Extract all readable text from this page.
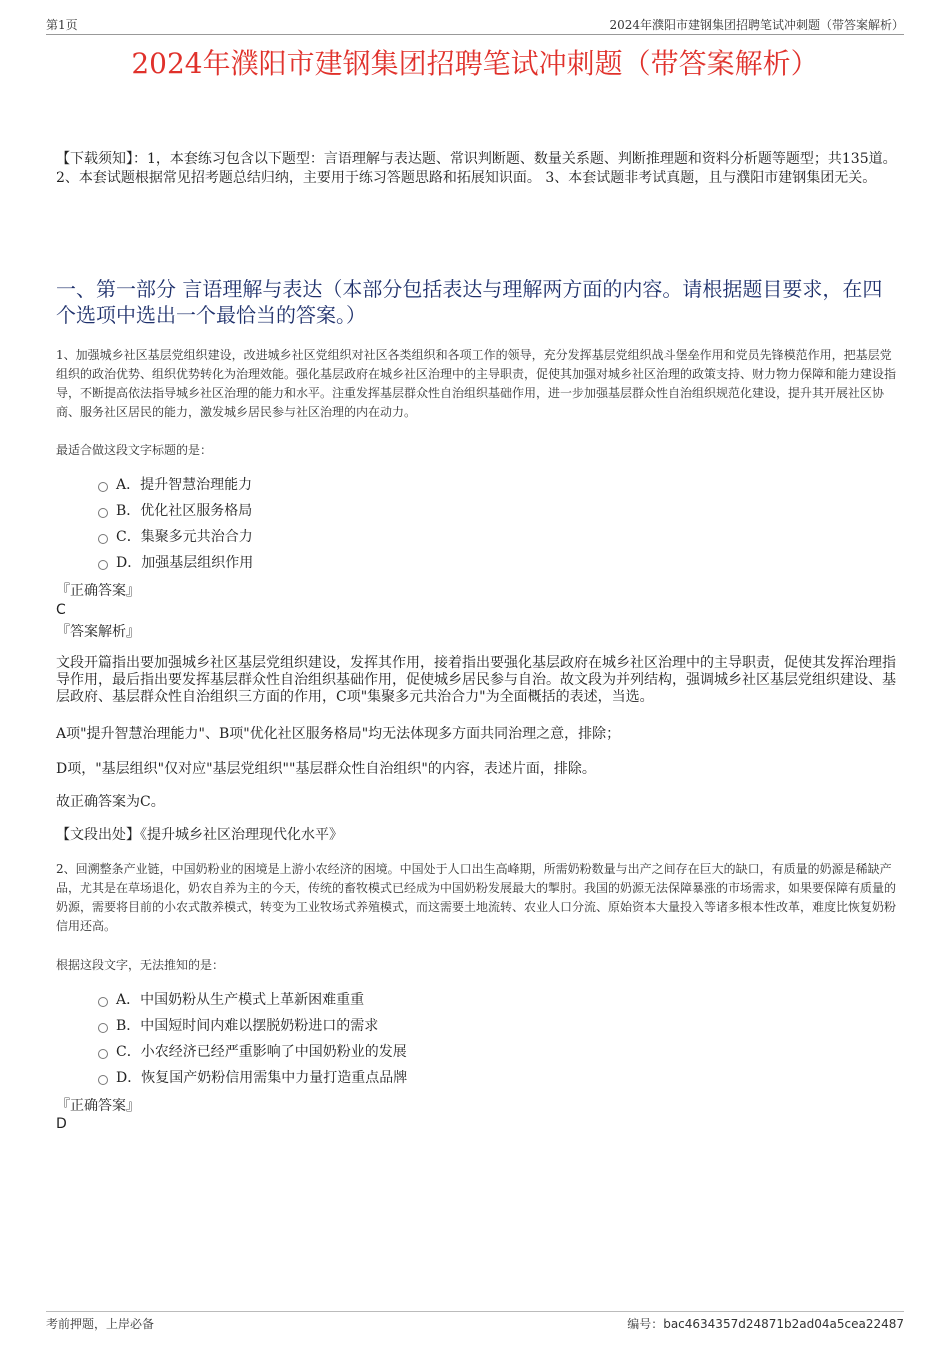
第1页	2024年濮阳市建钢集团招聘笔试冲刺题（带答案解析）
2024年濮阳市建钢集团招聘笔试冲刺题（带答案解析）
【下载须知】：1，本套练习包含以下题型：言语理解与表达题、常识判断题、数量关系题、判断推理题和资料分析题等题型；共135道。 2、本套试题根据常见招考题总结归纳，主要用于练习答题思路和拓展知识面。 3、本套试题非考试真题，且与濮阳市建钢集团无关。
一、第一部分 言语理解与表达（本部分包括表达与理解两方面的内容。请根据题目要求，在四个选项中选出一个最恰当的答案。）
1、加强城乡社区基层党组织建设，改进城乡社区党组织对社区各类组织和各项工作的领导，充分发挥基层党组织战斗堡垒作用和党员先锋模范作用，把基层党组织的政治优势、组织优势转化为治理效能。强化基层政府在城乡社区治理中的主导职责，促使其加强对城乡社区治理的政策支持、财力物力保障和能力建设指导，不断提高依法指导城乡社区治理的能力和水平。注重发挥基层群众性自治组织基础作用，进一步加强基层群众性自治组织规范化建设，提升其开展社区协商、服务社区居民的能力，激发城乡居民参与社区治理的内在动力。
最适合做这段文字标题的是：
A．提升智慧治理能力
B．优化社区服务格局
C．集聚多元共治合力
D．加强基层组织作用
『正确答案』
C
『答案解析』
文段开篇指出要加强城乡社区基层党组织建设，发挥其作用，接着指出要强化基层政府在城乡社区治理中的主导职责，促使其发挥治理指导作用，最后指出要发挥基层群众性自治组织基础作用，促使城乡居民参与自治。故文段为并列结构，强调城乡社区基层党组织建设、基层政府、基层群众性自治组织三方面的作用，C项"集聚多元共治合力"为全面概括的表述，当选。
A项"提升智慧治理能力"、B项"优化社区服务格局"均无法体现多方面共同治理之意，排除；
D项，"基层组织"仅对应"基层党组织""基层群众性自治组织"的内容，表述片面，排除。
故正确答案为C。
【文段出处】《提升城乡社区治理现代化水平》
2、回溯整条产业链，中国奶粉业的困境是上游小农经济的困境。中国处于人口出生高峰期，所需奶粉数量与出产之间存在巨大的缺口，有质量的奶源是稀缺产品，尤其是在草场退化，奶农自养为主的今天，传统的畜牧模式已经成为中国奶粉发展最大的掣肘。我国的奶源无法保障暴涨的市场需求，如果要保障有质量的奶源，需要将目前的小农式散养模式，转变为工业牧场式养殖模式，而这需要土地流转、农业人口分流、原始资本大量投入等诸多根本性改革，难度比恢复奶粉信用还高。
根据这段文字，无法推知的是：
A．中国奶粉从生产模式上革新困难重重
B．中国短时间内难以摆脱奶粉进口的需求
C．小农经济已经严重影响了中国奶粉业的发展
D．恢复国产奶粉信用需集中力量打造重点品牌
『正确答案』
D
考前押题，上岸必备	编号：bac4634357d24871b2ad04a5cea22487
